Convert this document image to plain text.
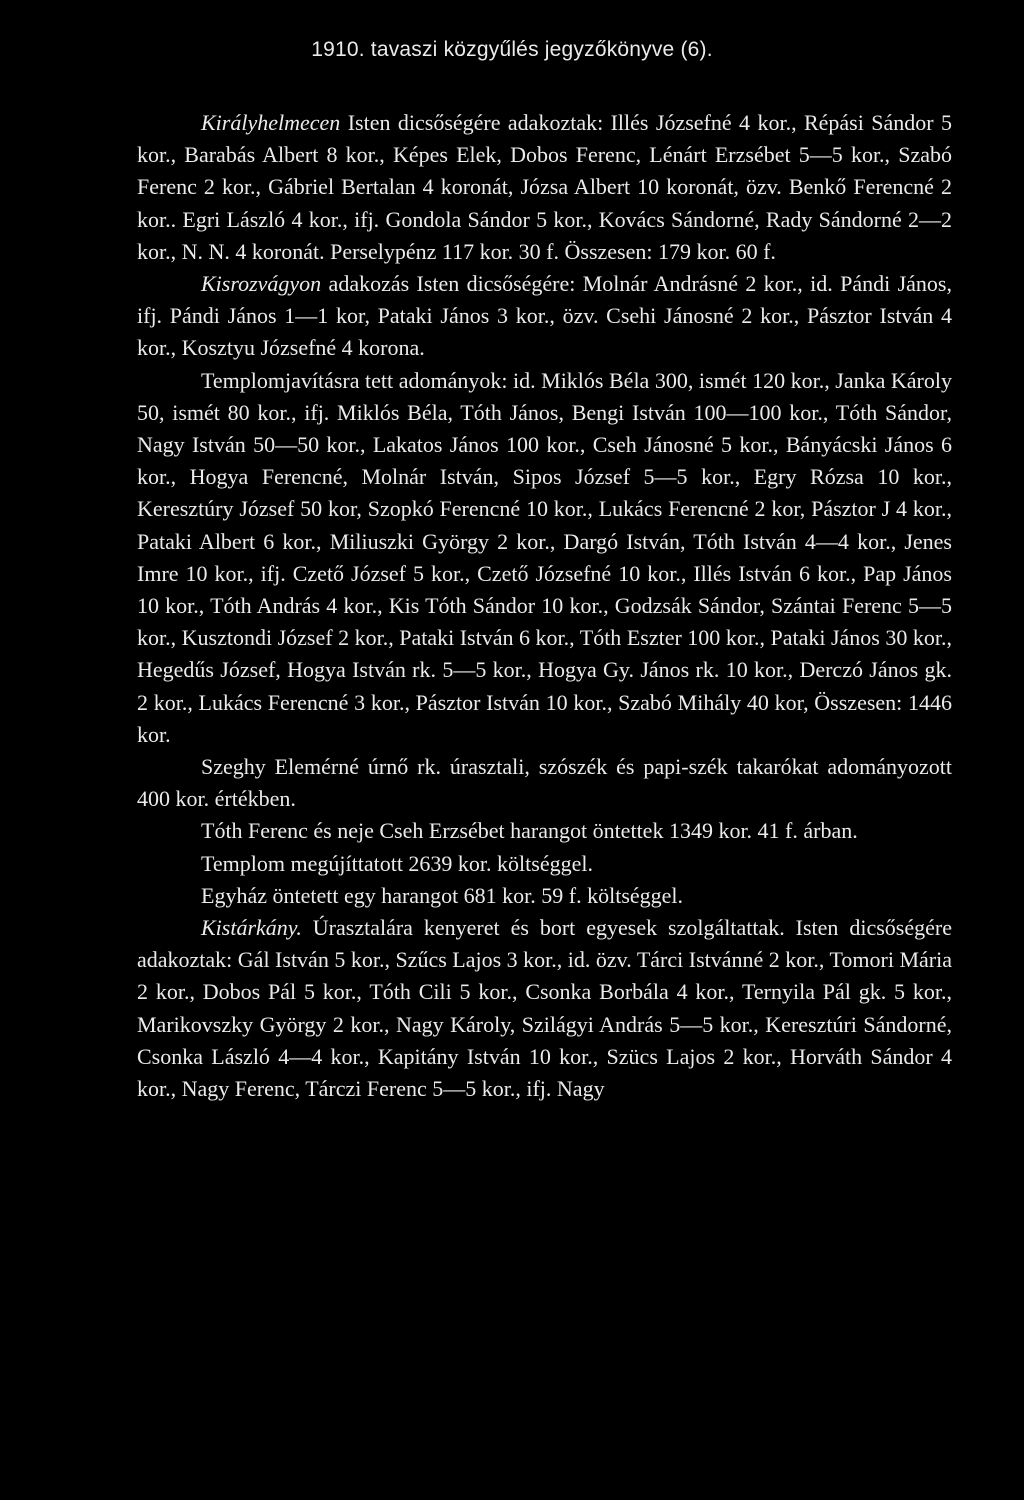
1910. tavaszi közgyűlés jegyzőkönyve (6).

Királyhelmecen Isten dicsőségére adakoztak: Illés Józsefné 4 kor., Répási Sándor 5 kor., Barabás Albert 8 kor., Képes Elek, Dobos Ferenc, Lénárt Erzsébet 5—5 kor., Szabó Ferenc 2 kor., Gábriel Bertalan 4 koronát, Józsa Albert 10 koronát, özv. Benkő Ferencné 2 kor.. Egri László 4 kor., ifj. Gondola Sándor 5 kor., Kovács Sándorné, Rady Sándorné 2—2 kor., N. N. 4 koronát. Perselypénz 117 kor. 30 f. Összesen: 179 kor. 60 f.

Kisrozvágyon adakozás Isten dicsőségére: Molnár Andrásné 2 kor., id. Pándi János, ifj. Pándi János 1—1 kor, Pataki János 3 kor., özv. Csehi Jánosné 2 kor., Pásztor István 4 kor., Kosztyu Józsefné 4 korona.

Templomjavításra tett adományok: id. Miklós Béla 300, ismét 120 kor., Janka Károly 50, ismét 80 kor., ifj. Miklós Béla, Tóth János, Bengi István 100—100 kor., Tóth Sándor, Nagy István 50—50 kor., Lakatos János 100 kor., Cseh Jánosné 5 kor., Bányácski János 6 kor., Hogya Ferencné, Molnár István, Sipos József 5—5 kor., Egry Rózsa 10 kor., Keresztúry József 50 kor, Szopkó Ferencné 10 kor., Lukács Ferencné 2 kor, Pásztor J 4 kor., Pataki Albert 6 kor., Miliuszki György 2 kor., Dargó István, Tóth István 4—4 kor., Jenes Imre 10 kor., ifj. Czető József 5 kor., Czető Józsefné 10 kor., Illés István 6 kor., Pap János 10 kor., Tóth András 4 kor., Kis Tóth Sándor 10 kor., Godzsák Sándor, Szántai Ferenc 5—5 kor., Kusztondi József 2 kor., Pataki István 6 kor., Tóth Eszter 100 kor., Pataki János 30 kor., Hegedűs József, Hogya István rk. 5—5 kor., Hogya Gy. János rk. 10 kor., Derczó János gk. 2 kor., Lukács Ferencné 3 kor., Pásztor István 10 kor., Szabó Mihály 40 kor, Összesen: 1446 kor.

Szeghy Elemérné úrnő rk. úrasztali, szószék és papi-szék takarókat adományozott 400 kor. értékben.

Tóth Ferenc és neje Cseh Erzsébet harangot öntettek 1349 kor. 41 f. árban.

Templom megújíttatott 2639 kor. költséggel.

Egyház öntetett egy harangot 681 kor. 59 f. költséggel.

Kistárkány. Úrasztalára kenyeret és bort egyesek szolgáltattak. Isten dicsőségére adakoztak: Gál István 5 kor., Szűcs Lajos 3 kor., id. özv. Tárci Istvánné 2 kor., Tomori Mária 2 kor., Dobos Pál 5 kor., Tóth Cili 5 kor., Csonka Borbála 4 kor., Ternyila Pál gk. 5 kor., Marikovszky György 2 kor., Nagy Károly, Szilágyi András 5—5 kor., Keresztúri Sándorné, Csonka László 4—4 kor., Kapitány István 10 kor., Szücs Lajos 2 kor., Horváth Sándor 4 kor., Nagy Ferenc, Tárczi Ferenc 5—5 kor., ifj. Nagy
